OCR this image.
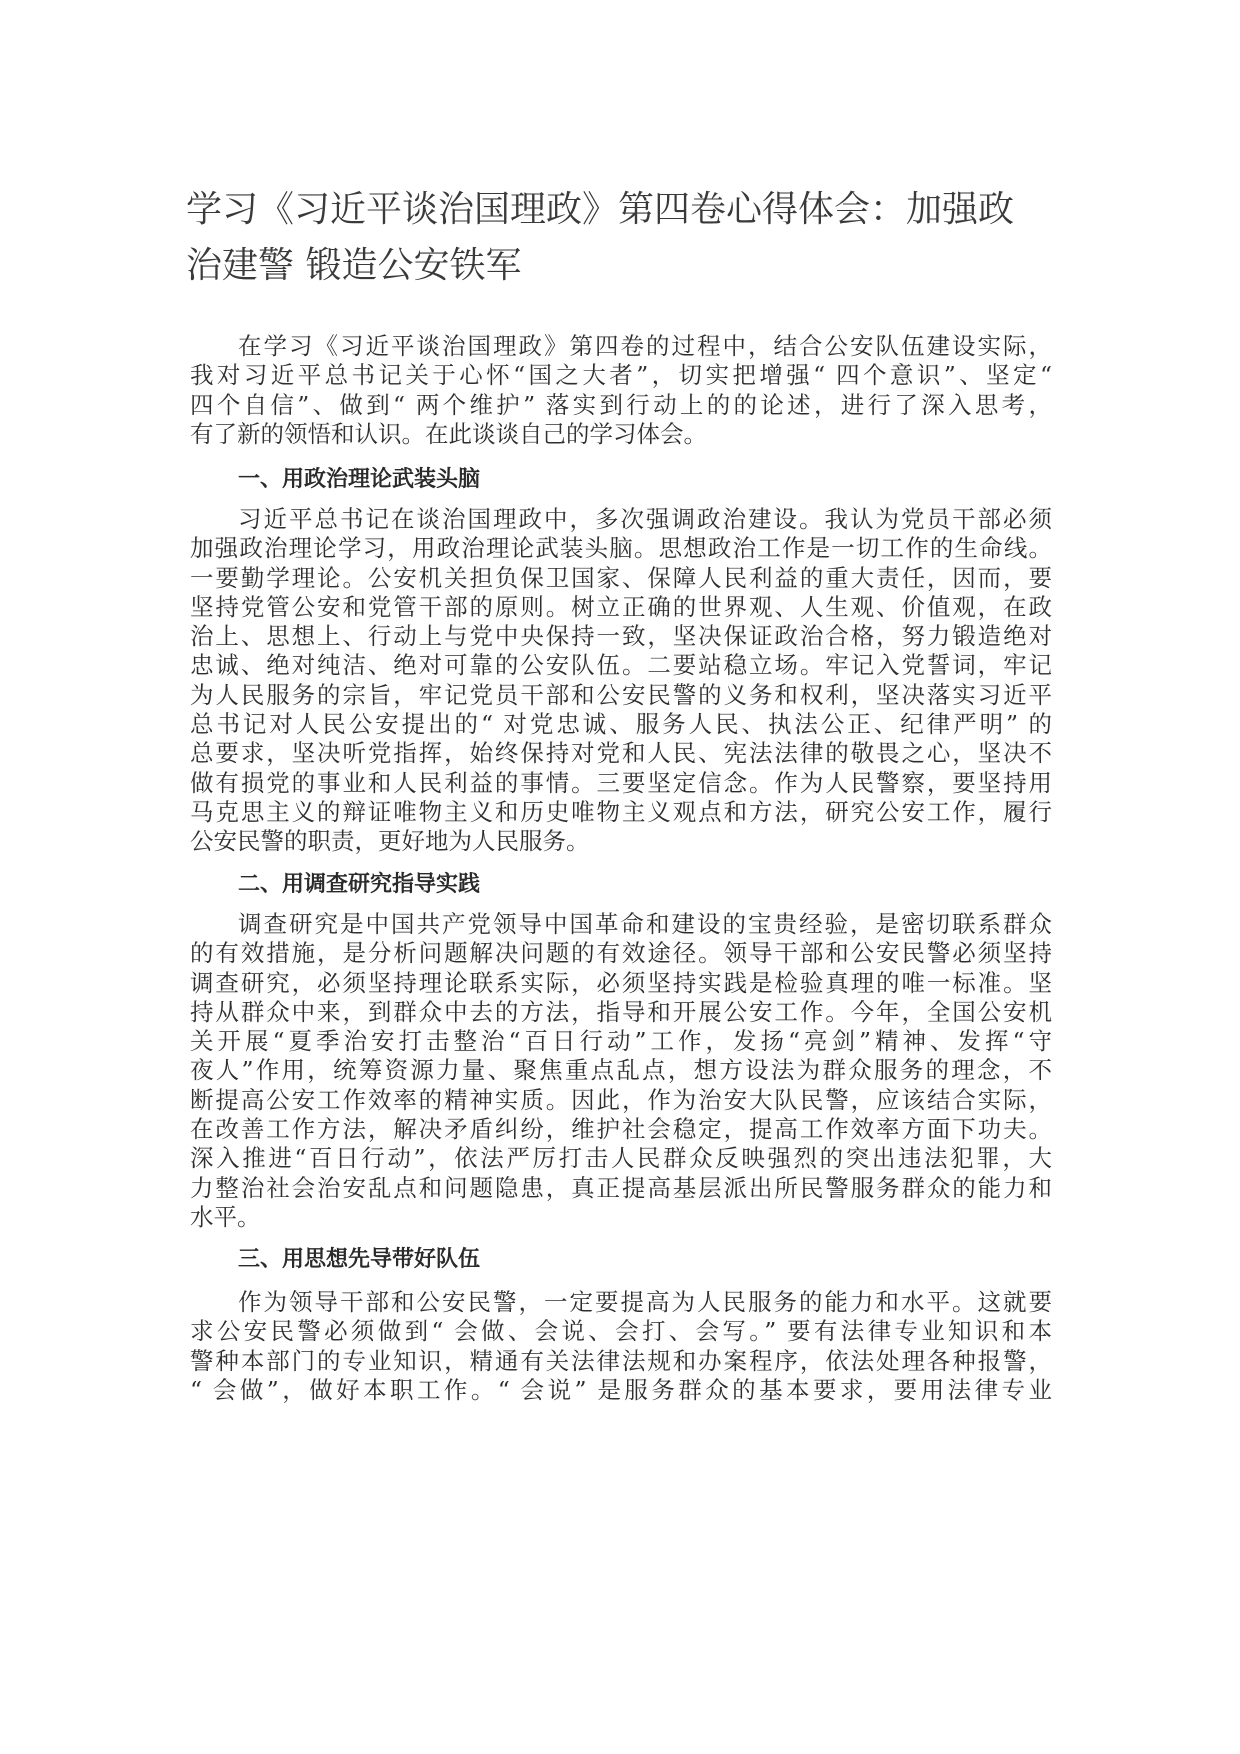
学习《习近平谈治国理政》第四卷心得体会：加强政
治建警 锻造公安铁军
在学习《习近平谈治国理政》第四卷的过程中，结合公安队伍建设实际，
我对习近平总书记关于心怀“国之大者”，切实把增强“ 四个意识”、坚定“
四个自信”、做到“ 两个维护” 落实到行动上的的论述，进行了深入思考，
有了新的领悟和认识。在此谈谈自己的学习体会。
一、用政治理论武装头脑
习近平总书记在谈治国理政中，多次强调政治建设。我认为党员干部必须
加强政治理论学习，用政治理论武装头脑。思想政治工作是一切工作的生命线。
一要勤学理论。公安机关担负保卫国家、保障人民利益的重大责任，因而，要
坚持党管公安和党管干部的原则。树立正确的世界观、人生观、价值观，在政
治上、思想上、行动上与党中央保持一致，坚决保证政治合格，努力锻造绝对
忠诚、绝对纯洁、绝对可靠的公安队伍。二要站稳立场。牢记入党誓词，牢记
为人民服务的宗旨，牢记党员干部和公安民警的义务和权利，坚决落实习近平
总书记对人民公安提出的“ 对党忠诚、服务人民、执法公正、纪律严明” 的
总要求，坚决听党指挥，始终保持对党和人民、宪法法律的敬畏之心，坚决不
做有损党的事业和人民利益的事情。三要坚定信念。作为人民警察，要坚持用
马克思主义的辩证唯物主义和历史唯物主义观点和方法，研究公安工作，履行
公安民警的职责，更好地为人民服务。
二、用调查研究指导实践
调查研究是中国共产党领导中国革命和建设的宝贵经验，是密切联系群众
的有效措施，是分析问题解决问题的有效途径。领导干部和公安民警必须坚持
调查研究，必须坚持理论联系实际，必须坚持实践是检验真理的唯一标准。坚
持从群众中来，到群众中去的方法，指导和开展公安工作。今年，全国公安机
关开展“夏季治安打击整治“百日行动”工作，发扬“亮剑”精神、发挥“守
夜人”作用，统筹资源力量、聚焦重点乱点，想方设法为群众服务的理念，不
断提高公安工作效率的精神实质。因此，作为治安大队民警，应该结合实际，
在改善工作方法，解决矛盾纠纷，维护社会稳定，提高工作效率方面下功夫。
深入推进“百日行动”，依法严厉打击人民群众反映强烈的突出违法犯罪，大
力整治社会治安乱点和问题隐患，真正提高基层派出所民警服务群众的能力和
水平。
三、用思想先导带好队伍
作为领导干部和公安民警，一定要提高为人民服务的能力和水平。这就要
求公安民警必须做到“ 会做、会说、会打、会写。” 要有法律专业知识和本
警种本部门的专业知识，精通有关法律法规和办案程序，依法处理各种报警，
“ 会做”，做好本职工作。“ 会说” 是服务群众的基本要求，要用法律专业
